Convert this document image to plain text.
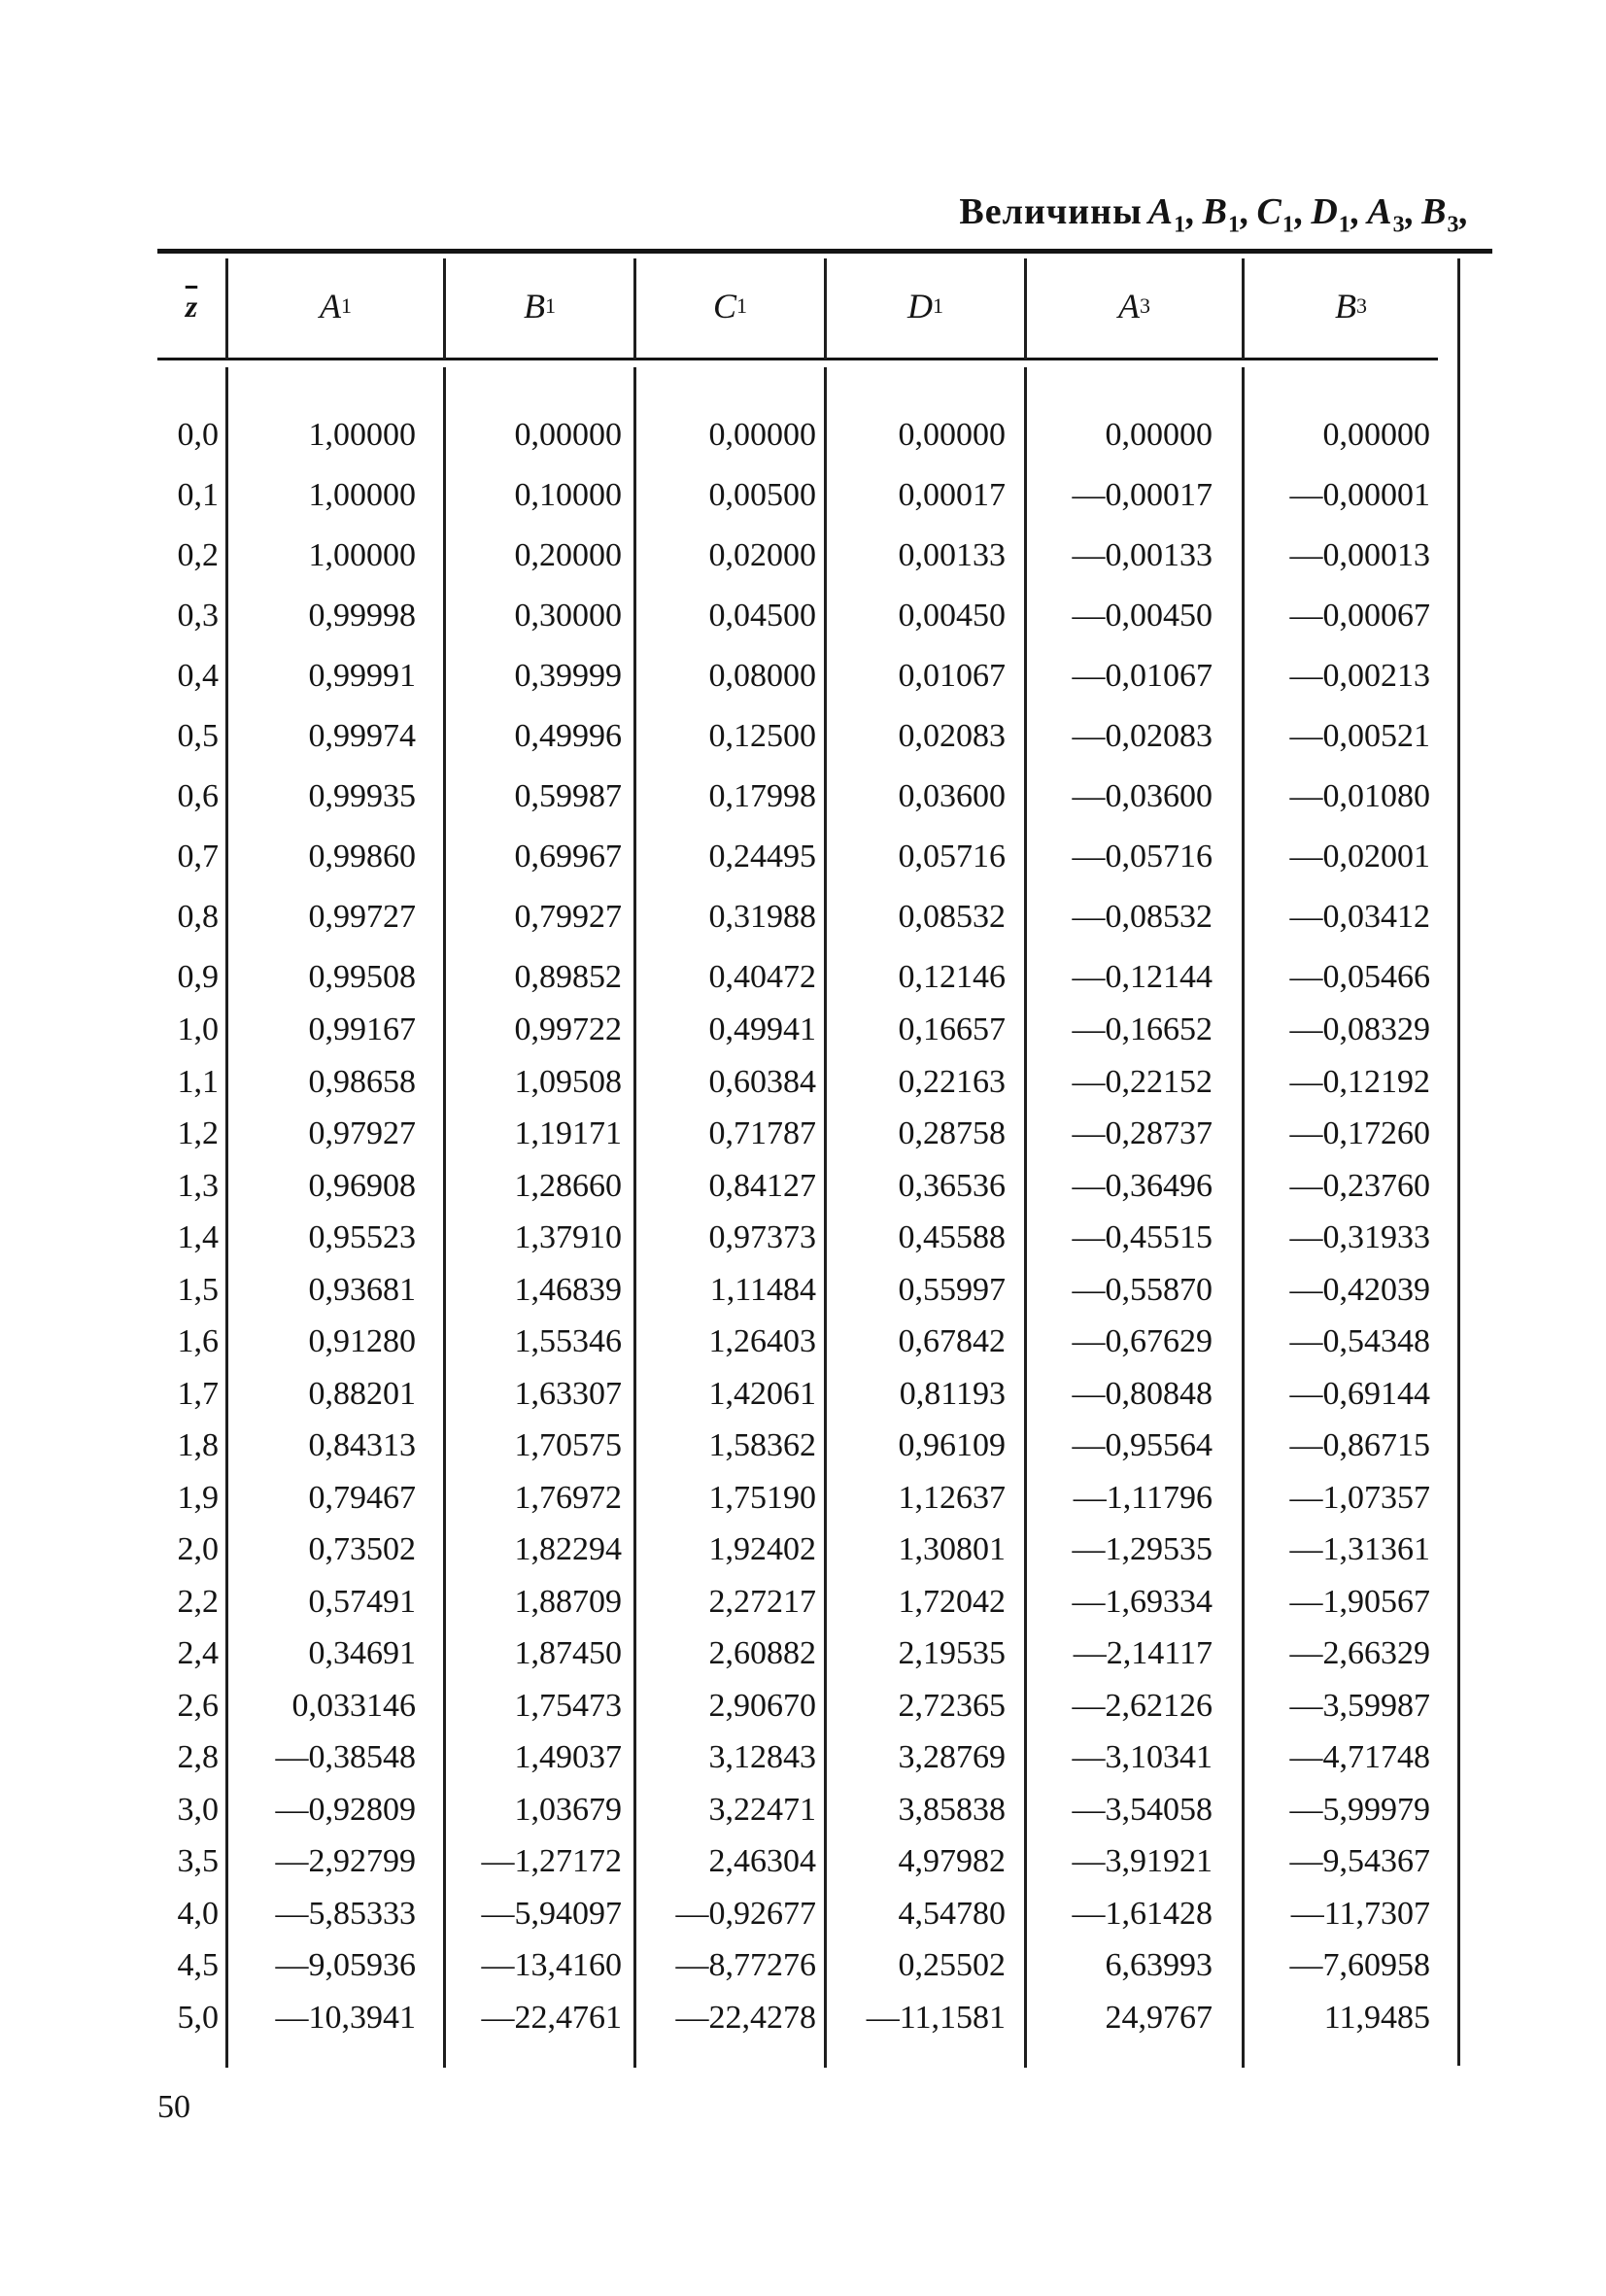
Величины $A_1$, $B_1$, $C_1$, $D_1$, $A_3$, $B_3$,
$\overline{z}$	A 1	B 1	C 1	D 1	A 3	B 3
0,0	1,00000	0,00000	0,00000	0,00000	0,00000	0,00000
0,1	1,00000	0,10000	0,00500	0,00017	—0,00017	—0,00001
0,2	1,00000	0,20000	0,02000	0,00133	—0,00133	—0,00013
0,3	0,99998	0,30000	0,04500	0,00450	—0,00450	—0,00067
0,4	0,99991	0,39999	0,08000	0,01067	—0,01067	—0,00213
0,5	0,99974	0,49996	0,12500	0,02083	—0,02083	—0,00521
0,6	0,99935	0,59987	0,17998	0,03600	—0,03600	—0,01080
0,7	0,99860	0,69967	0,24495	0,05716	—0,05716	—0,02001
0,8	0,99727	0,79927	0,31988	0,08532	—0,08532	—0,03412
0,9	0,99508	0,89852	0,40472	0,12146	—0,12144	—0,05466
1,0	0,99167	0,99722	0,49941	0,16657	—0,16652	—0,08329
1,1	0,98658	1,09508	0,60384	0,22163	—0,22152	—0,12192
1,2	0,97927	1,19171	0,71787	0,28758	—0,28737	—0,17260
1,3	0,96908	1,28660	0,84127	0,36536	—0,36496	—0,23760
1,4	0,95523	1,37910	0,97373	0,45588	—0,45515	—0,31933
1,5	0,93681	1,46839	1,11484	0,55997	—0,55870	—0,42039
1,6	0,91280	1,55346	1,26403	0,67842	—0,67629	—0,54348
1,7	0,88201	1,63307	1,42061	0,81193	—0,80848	—0,69144
1,8	0,84313	1,70575	1,58362	0,96109	—0,95564	—0,86715
1,9	0,79467	1,76972	1,75190	1,12637	—1,11796	—1,07357
2,0	0,73502	1,82294	1,92402	1,30801	—1,29535	—1,31361
2,2	0,57491	1,88709	2,27217	1,72042	—1,69334	—1,90567
2,4	0,34691	1,87450	2,60882	2,19535	—2,14117	—2,66329
2,6	0,033146	1,75473	2,90670	2,72365	—2,62126	—3,59987
2,8	—0,38548	1,49037	3,12843	3,28769	—3,10341	—4,71748
3,0	—0,92809	1,03679	3,22471	3,85838	—3,54058	—5,99979
3,5	—2,92799	—1,27172	2,46304	4,97982	—3,91921	—9,54367
4,0	—5,85333	—5,94097	—0,92677	4,54780	—1,61428	—11,7307
4,5	—9,05936	—13,4160	—8,77276	0,25502	6,63993	—7,60958
5,0	—10,3941	—22,4761	—22,4278	—11,1581	24,9767	11,9485
50
